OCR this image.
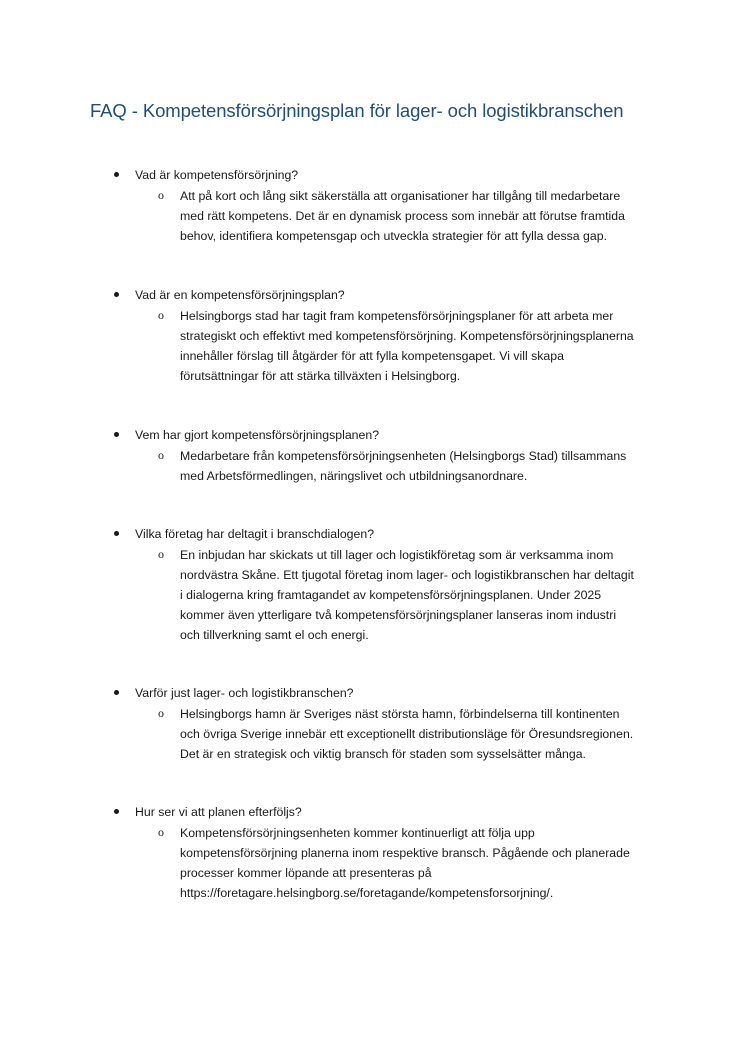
FAQ - Kompetensförsörjningsplan för lager- och logistikbranschen
Vad är kompetensförsörjning?
o Att på kort och lång sikt säkerställa att organisationer har tillgång till medarbetare
med rätt kompetens. Det är en dynamisk process som innebär att förutse framtida
behov, identifiera kompetensgap och utveckla strategier för att fylla dessa gap.
Vad är en kompetensförsörjningsplan?
o Helsingborgs stad har tagit fram kompetensförsörjningsplaner för att arbeta mer
strategiskt och effektivt med kompetensförsörjning. Kompetensförsörjningsplanerna
innehåller förslag till åtgärder för att fylla kompetensgapet. Vi vill skapa
förutsättningar för att stärka tillväxten i Helsingborg.
Vem har gjort kompetensförsörjningsplanen?
o Medarbetare från kompetensförsörjningsenheten (Helsingborgs Stad) tillsammans
med Arbetsförmedlingen, näringslivet och utbildningsanordnare.
Vilka företag har deltagit i branschdialogen?
o En inbjudan har skickats ut till lager och logistikföretag som är verksamma inom
nordvästra Skåne. Ett tjugotal företag inom lager- och logistikbranschen har deltagit
i dialogerna kring framtagandet av kompetensförsörjningsplanen. Under 2025
kommer även ytterligare två kompetensförsörjningsplaner lanseras inom industri
och tillverkning samt el och energi.
Varför just lager- och logistikbranschen?
o Helsingborgs hamn är Sveriges näst största hamn, förbindelserna till kontinenten
och övriga Sverige innebär ett exceptionellt distributionsläge för Öresundsregionen.
Det är en strategisk och viktig bransch för staden som sysselsätter många.
Hur ser vi att planen efterföljs?
o Kompetensförsörjningsenheten kommer kontinuerligt att följa upp
kompetensförsörjning planerna inom respektive bransch. Pågående och planerade
processer kommer löpande att presenteras på
https://foretagare.helsingborg.se/foretagande/kompetensforsorjning/.
